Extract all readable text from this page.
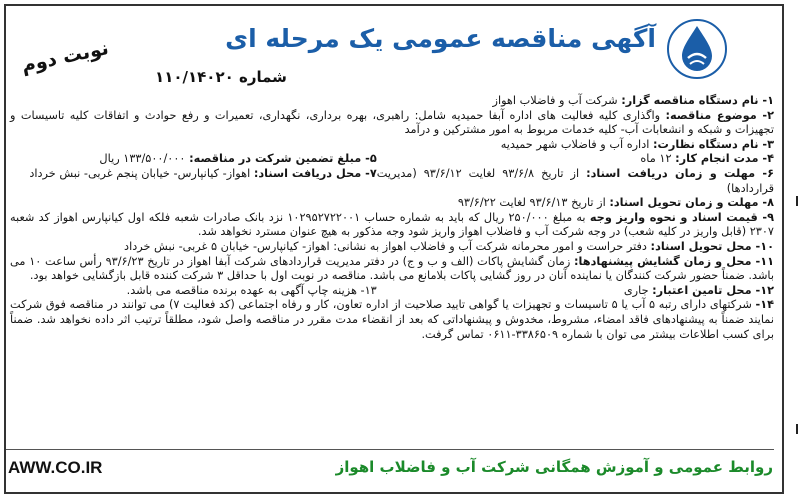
آگهی مناقصه عمومی یک مرحله ای
نوبت دوم
شماره ۱۱۰/۱۴۰۲۰

۱- نام دستگاه مناقصه گزار: شرکت آب و فاضلاب اهواز

۲- موضوع مناقصه: واگذاری کلیه فعالیت های اداره آبفا حمیدیه شامل: راهبری، بهره برداری، نگهداری، تعمیرات و رفع حوادث و اتفاقات کلیه تاسیسات و تجهیزات و شبکه و انشعابات آب- کلیه خدمات مربوط به امور مشترکین و درآمد

۳- نام دستگاه نظارت: اداره آب و فاضلاب شهر حمیدیه

۴- مدت انجام کار: ۱۲ ماه

۵- مبلغ تضمین شرکت در مناقصه: ۱۳۳/۵۰۰/۰۰۰ ریال

۶- مهلت و زمان دریافت اسناد: از تاریخ ۹۳/۶/۸ لغایت ۹۳/۶/۱۲ (مدیریت قراردادها)

۷- محل دریافت اسناد: اهواز- کیانپارس- خیابان پنجم غربی- نبش خرداد

۸- مهلت و زمان تحویل اسناد: از تاریخ ۹۳/۶/۱۳ لغایت ۹۳/۶/۲۲

۹- قیمت اسناد و نحوه واریز وجه به مبلغ ۲۵۰/۰۰۰ ریال که باید به شماره حساب ۱۰۲۹۵۲۷۲۲۰۰۱ نزد بانک صادرات شعبه فلکه اول کیانپارس اهواز کد شعبه ۲۳۰۷ (قابل واریز در کلیه شعب) در وجه شرکت آب و فاضلاب اهواز واریز شود وجه مذکور به هیچ عنوان مسترد نخواهد شد.

۱۰- محل تحویل اسناد: دفتر حراست و امور محرمانه شرکت آب و فاضلاب اهواز به نشانی: اهواز- کیانپارس- خیابان ۵ غربی- نبش خرداد

۱۱- محل و زمان گشایش پیشنهادها: زمان گشایش پاکات (الف و ب و ج) در دفتر مدیریت قراردادهای شرکت آبفا اهواز در تاریخ ۹۳/۶/۲۳ رأس ساعت ۱۰ می باشد. ضمناً حضور شرکت کنندگان یا نماینده آنان در روز گشایی پاکات بلامانع می باشد. مناقصه در نوبت اول با حداقل ۳ شرکت کننده قابل بازگشایی خواهد بود.

۱۲- محل تامین اعتبار: جاری

۱۳- هزینه چاپ آگهی به عهده برنده مناقصه می باشد.

۱۴- شرکتهای دارای رتبه ۵ آب یا ۵ تاسیسات و تجهیزات یا گواهی تایید صلاحیت از اداره تعاون، کار و رفاه اجتماعی (کد فعالیت ۷) می توانند در مناقصه فوق شرکت نمایند ضمناً به پیشنهادهای فاقد امضاء، مشروط، مخدوش و پیشنهاداتی که بعد از انقضاء مدت مقرر در مناقصه واصل شود، مطلقاً ترتیب اثر داده نخواهد شد. ضمناً برای کسب اطلاعات بیشتر می توان با شماره ۳۳۸۶۵۰۹-۰۶۱۱ تماس گرفت.

روابط عمومی و آموزش همگانی شرکت آب و فاضلاب اهواز
AWW.CO.IR
